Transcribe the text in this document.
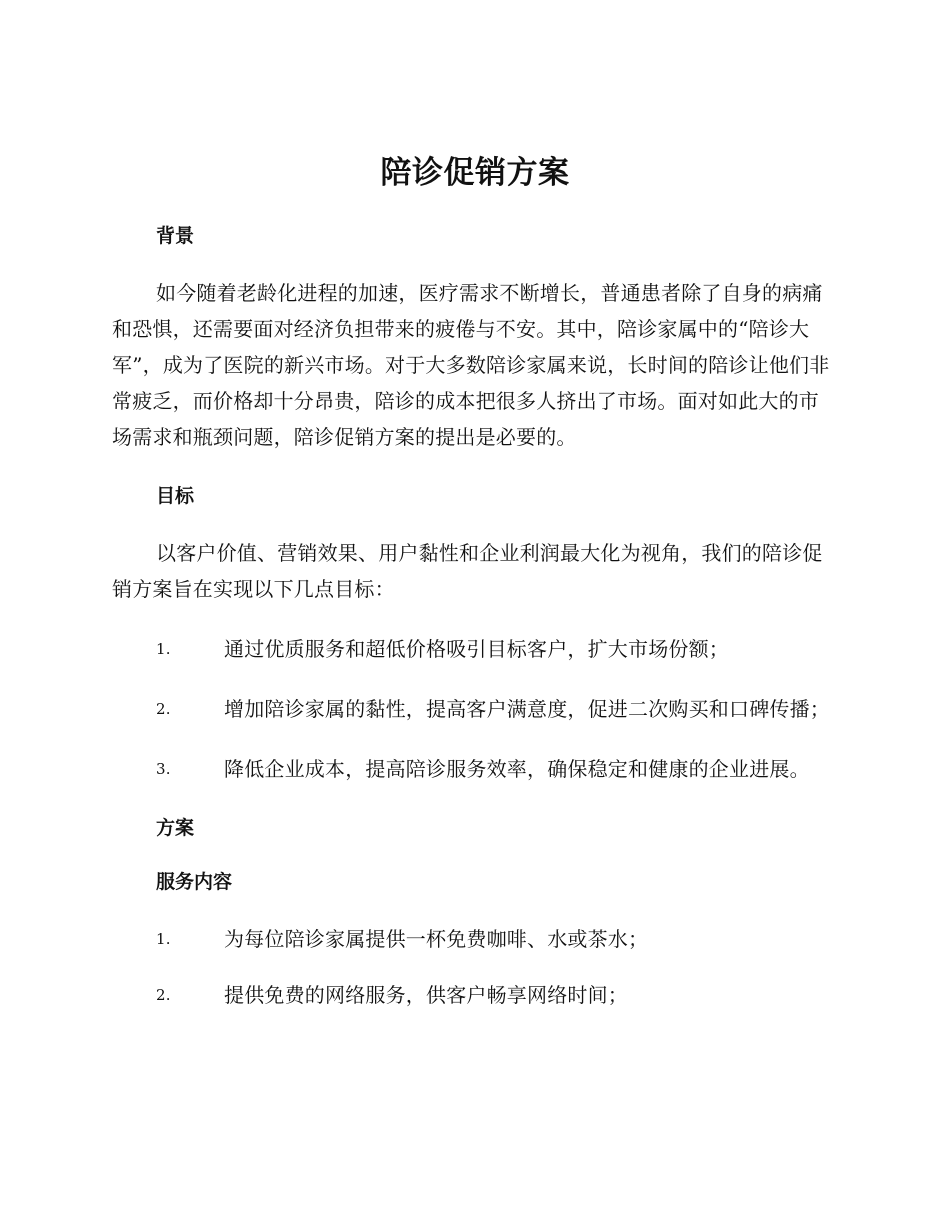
陪诊促销方案
背景

如今随着老龄化进程的加速，医疗需求不断增长，普通患者除了自身的病痛和恐惧，还需要面对经济负担带来的疲倦与不安。其中，陪诊家属中的“陪诊大军”，成为了医院的新兴市场。对于大多数陪诊家属来说，长时间的陪诊让他们非常疲乏，而价格却十分昂贵，陪诊的成本把很多人挤出了市场。面对如此大的市场需求和瓶颈问题，陪诊促销方案的提出是必要的。

目标

以客户价值、营销效果、用户黏性和企业利润最大化为视角，我们的陪诊促销方案旨在实现以下几点目标：

1.	通过优质服务和超低价格吸引目标客户，扩大市场份额；

2.	增加陪诊家属的黏性，提高客户满意度，促进二次购买和口碑传播；

3.	降低企业成本，提高陪诊服务效率，确保稳定和健康的企业进展。

方案
服务内容

1.	为每位陪诊家属提供一杯免费咖啡、水或茶水；

2.	提供免费的网络服务，供客户畅享网络时间；
